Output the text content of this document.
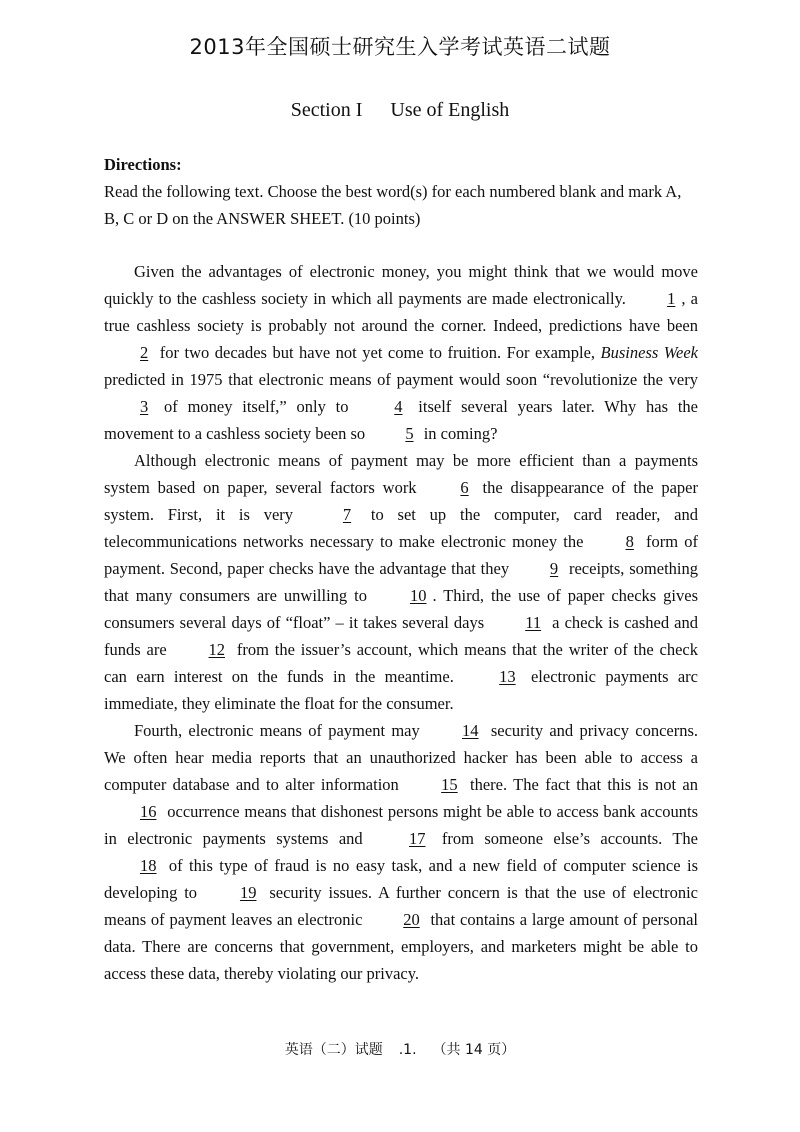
2013年全国硕士研究生入学考试英语二试题
Section I Use of English

Directions:

Read the following text. Choose the best word(s) for each numbered blank and mark A, B, C or D on the ANSWER SHEET. (10 points)

Given the advantages of electronic money, you might think that we would move quickly to the cashless society in which all payments are made electronically. 1 , a true cashless society is probably not around the corner. Indeed, predictions have been 2 for two decades but have not yet come to fruition. For example, Business Week predicted in 1975 that electronic means of payment would soon “revolutionize the very 3 of money itself,” only to 4 itself several years later. Why has the movement to a cashless society been so 5 in coming?

Although electronic means of payment may be more efficient than a payments system based on paper, several factors work 6 the disappearance of the paper system. First, it is very 7 to set up the computer, card reader, and telecommunications networks necessary to make electronic money the 8 form of payment. Second, paper checks have the advantage that they 9 receipts, something that many consumers are unwilling to 10 . Third, the use of paper checks gives consumers several days of “float” – it takes several days 11 a check is cashed and funds are 12 from the issuer’s account, which means that the writer of the check can earn interest on the funds in the meantime. 13 electronic payments arc immediate, they eliminate the float for the consumer.

Fourth, electronic means of payment may 14 security and privacy concerns. We often hear media reports that an unauthorized hacker has been able to access a computer database and to alter information 15 there. The fact that this is not an 16 occurrence means that dishonest persons might be able to access bank accounts in electronic payments systems and 17 from someone else’s accounts. The 18 of this type of fraud is no easy task, and a new field of computer science is developing to 19 security issues. A further concern is that the use of electronic means of payment leaves an electronic 20 that contains a large amount of personal data. There are concerns that government, employers, and marketers might be able to access these data, thereby violating our privacy.

英语（二）试题 .1. （共 14 页）
